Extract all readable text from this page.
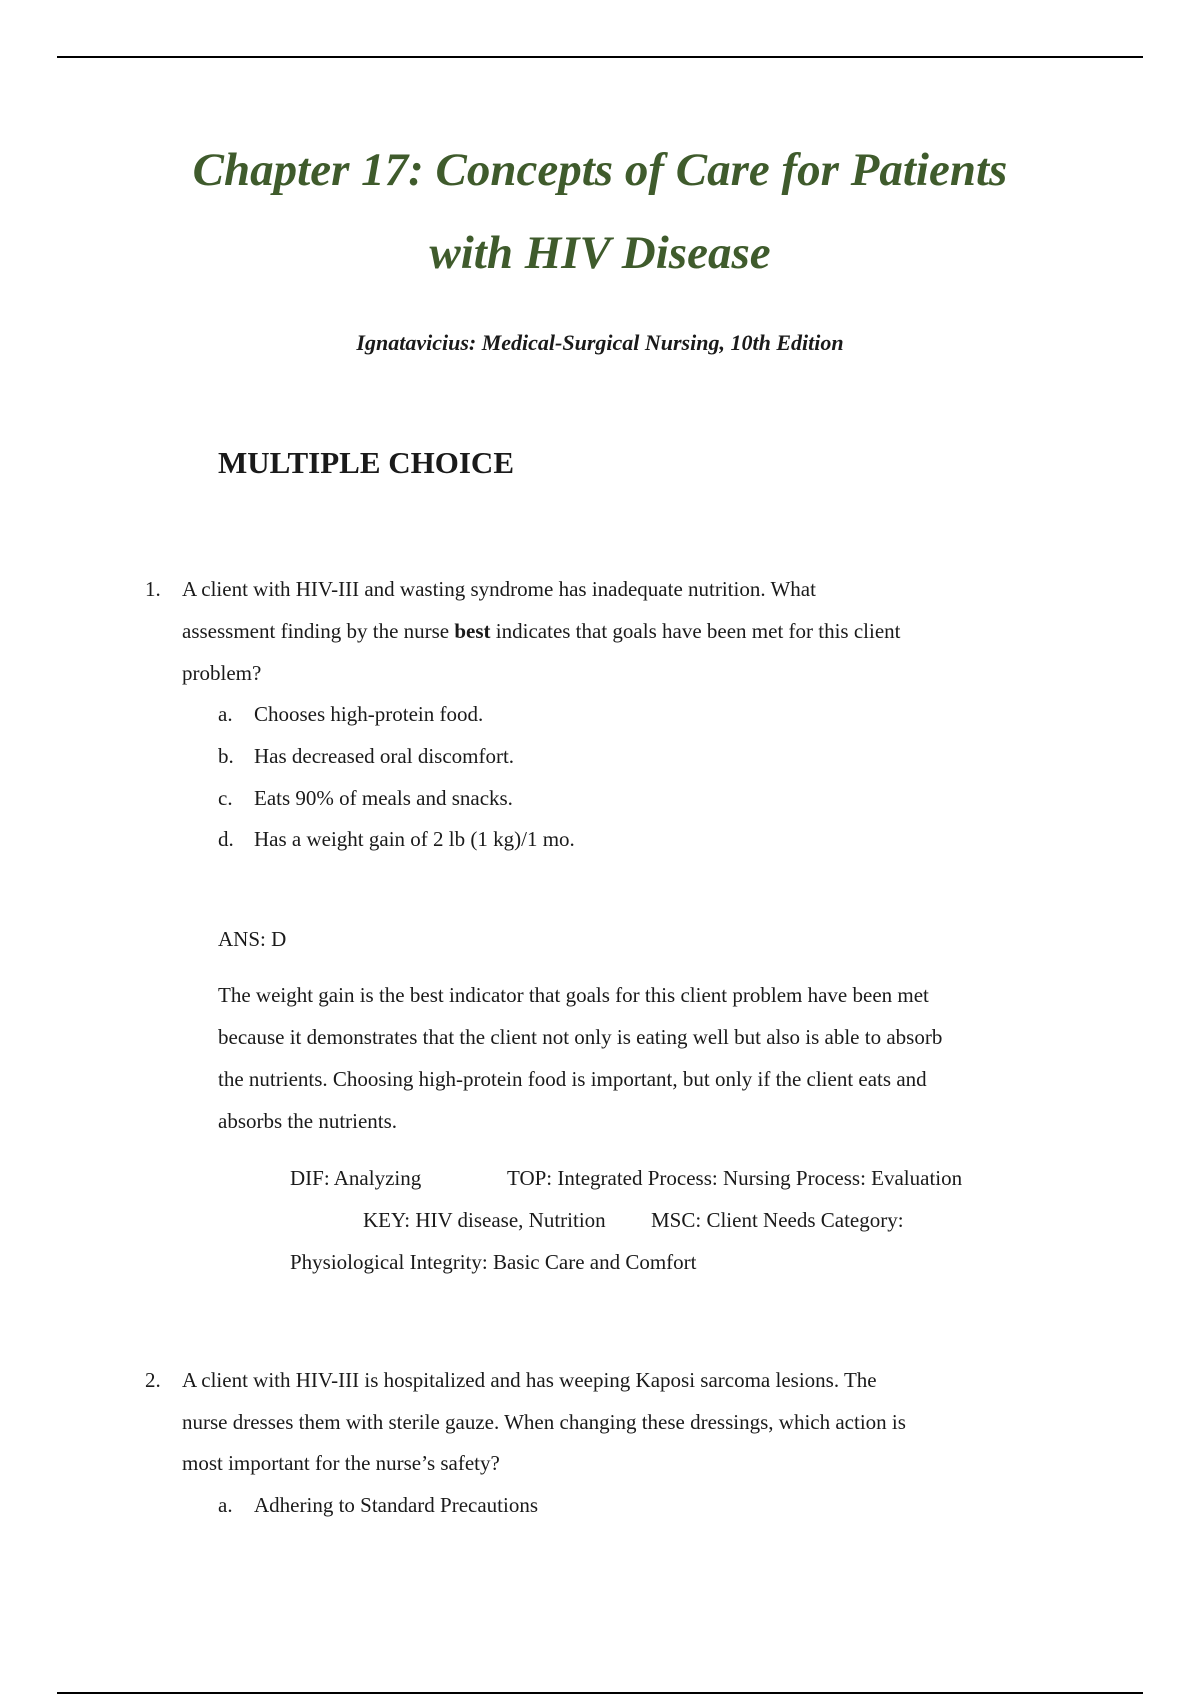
Chapter 17: Concepts of Care for Patients
with HIV Disease
Ignatavicius: Medical-Surgical Nursing, 10th Edition
MULTIPLE CHOICE
1. A client with HIV-III and wasting syndrome has inadequate nutrition. What
assessment finding by the nurse best indicates that goals have been met for this client
problem?
a. Chooses high-protein food.
b. Has decreased oral discomfort.
c. Eats 90% of meals and snacks.
d. Has a weight gain of 2 lb (1 kg)/1 mo.
ANS: D
The weight gain is the best indicator that goals for this client problem have been met
because it demonstrates that the client not only is eating well but also is able to absorb
the nutrients. Choosing high-protein food is important, but only if the client eats and
absorbs the nutrients.
DIF: Analyzing	TOP: Integrated Process: Nursing Process: Evaluation
KEY: HIV disease, Nutrition MSC: Client Needs Category:
Physiological Integrity: Basic Care and Comfort
2. A client with HIV-III is hospitalized and has weeping Kaposi sarcoma lesions. The
nurse dresses them with sterile gauze. When changing these dressings, which action is
most important for the nurse’s safety?
a. Adhering to Standard Precautions
